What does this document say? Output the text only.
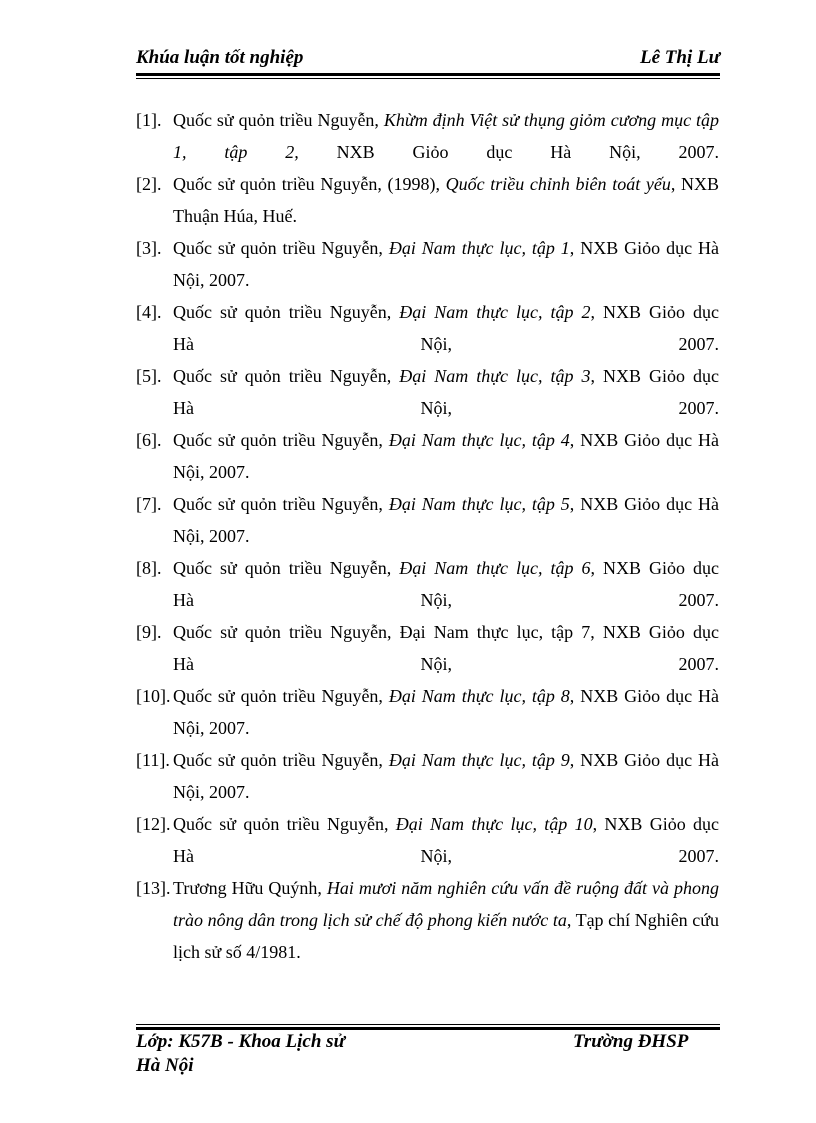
Khúa luận tốt nghiệp	Lê Thị Lư
[1]. Quốc sử quỏn triều Nguyễn, Khừm định Việt sử thụng giỏm cương mục tập 1, tập 2, NXB Giỏo dục Hà Nội, 2007.
[2]. Quốc sử quỏn triều Nguyễn, (1998), Quốc triều chỉnh biên toát yếu, NXB Thuận Húa, Huế.
[3]. Quốc sử quỏn triều Nguyễn, Đại Nam thực lục, tập 1, NXB Giỏo dục Hà Nội, 2007.
[4]. Quốc sử quỏn triều Nguyễn, Đại Nam thực lục, tập 2, NXB Giỏo dục
Hà	Nội,	2007.
[5]. Quốc sử quỏn triều Nguyễn, Đại Nam thực lục, tập 3, NXB Giỏo dục
Hà	Nội,	2007.
[6]. Quốc sử quỏn triều Nguyễn, Đại Nam thực lục, tập 4, NXB Giỏo dục Hà Nội, 2007.
[7]. Quốc sử quỏn triều Nguyễn, Đại Nam thực lục, tập 5, NXB Giỏo dục Hà Nội, 2007.
[8]. Quốc sử quỏn triều Nguyễn, Đại Nam thực lục, tập 6, NXB Giỏo dục
Hà	Nội,	2007.
[9]. Quốc sử quỏn triều Nguyễn, Đại Nam thực lục, tập 7, NXB Giỏo dục
Hà	Nội,	2007.
[10]. Quốc sử quỏn triều Nguyễn, Đại Nam thực lục, tập 8, NXB Giỏo dục Hà Nội, 2007.
[11]. Quốc sử quỏn triều Nguyễn, Đại Nam thực lục, tập 9, NXB Giỏo dục Hà Nội, 2007.
[12]. Quốc sử quỏn triều Nguyễn, Đại Nam thực lục, tập 10, NXB Giỏo dục
Hà	Nội,	2007.
[13]. Trương Hữu Quýnh, Hai mươi năm nghiên cứu vấn đề ruộng đất và phong trào nông dân trong lịch sử chế độ phong kiến nước ta, Tạp chí Nghiên cứu lịch sử số 4/1981.
Lớp: K57B - Khoa Lịch sử	Trường ĐHSP
Hà Nội
